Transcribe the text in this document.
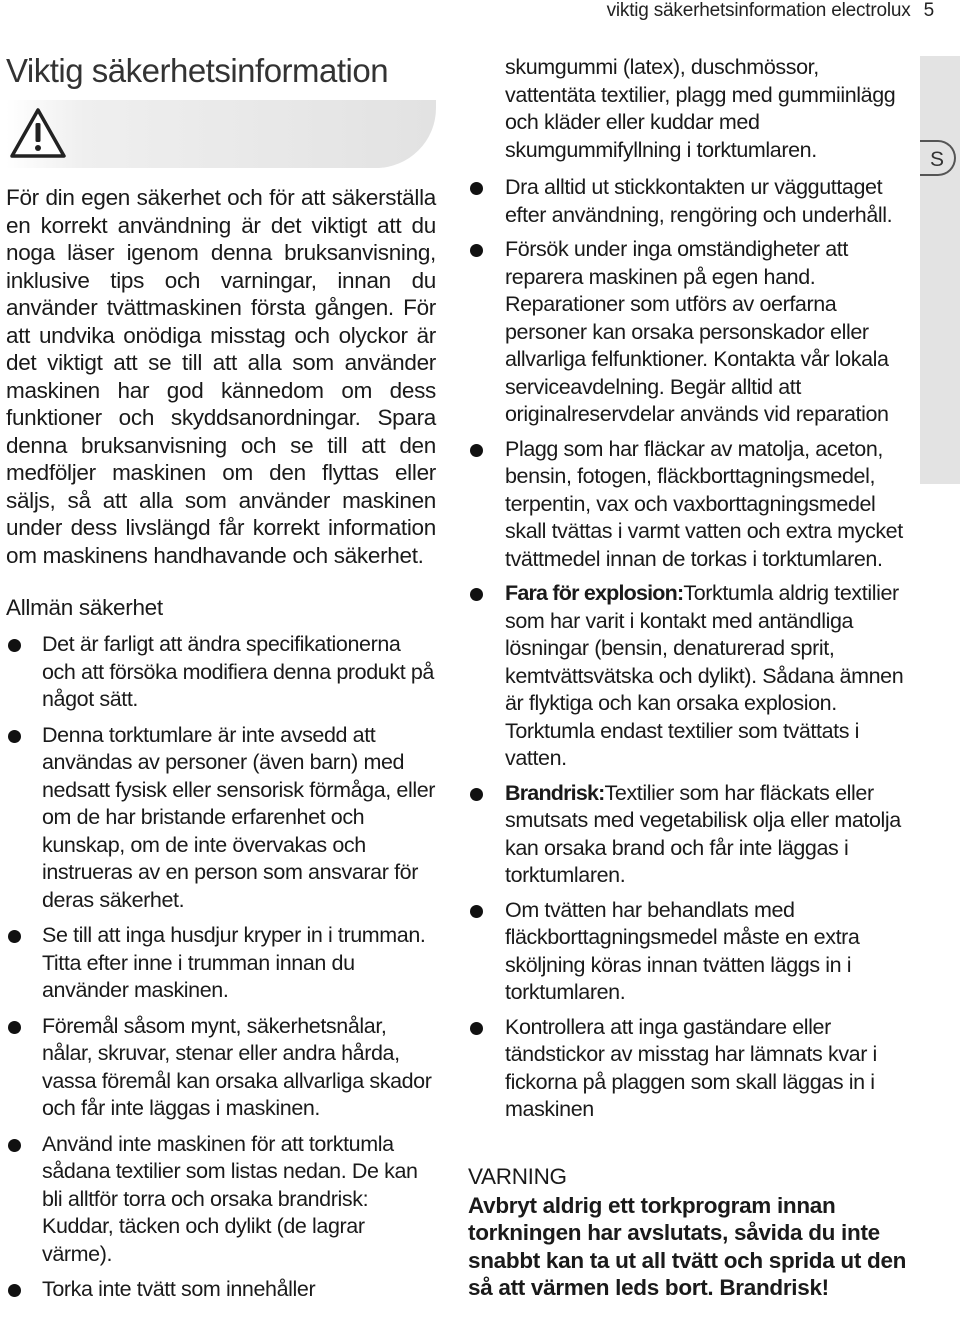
viktig säkerhetsinformation electrolux 5
S
Viktig säkerhetsinformation

För din egen säkerhet och för att säkerställa en korrekt användning är det viktigt att du noga läser igenom denna bruksanvisning, inklusive tips och varningar, innan du använder tvättmaskinen första gången. För att undvika onödiga misstag och olyckor är det viktigt att se till att alla som använder maskinen har god kännedom om dess funktioner och skyddsanordningar. Spara denna bruksanvisning och se till att den medföljer maskinen om den flyttas eller säljs, så att alla som använder maskinen under dess livslängd får korrekt information om maskinens handhavande och säkerhet.

Allmän säkerhet
Det är farligt att ändra specifikationerna och att försöka modifiera denna produkt på något sätt.
Denna torktumlare är inte avsedd att användas av personer (även barn) med nedsatt fysisk eller sensorisk förmåga, eller om de har bristande erfarenhet och kunskap, om de inte övervakas och instrueras av en person som ansvarar för deras säkerhet.
Se till att inga husdjur kryper in i trumman. Titta efter inne i trumman innan du använder maskinen.
Föremål såsom mynt, säkerhetsnålar, nålar, skruvar, stenar eller andra hårda, vassa föremål kan orsaka allvarliga skador och får inte läggas i maskinen.
Använd inte maskinen för att torktumla sådana textilier som listas nedan. De kan bli alltför torra och orsaka brandrisk: Kuddar, täcken och dylikt (de lagrar värme).
Torka inte tvätt som innehåller
skumgummi (latex), duschmössor, vattentäta textilier, plagg med gummiinlägg och kläder eller kuddar med skumgummifyllning i torktumlaren.
Dra alltid ut stickkontakten ur vägguttaget efter användning, rengöring och underhåll.
Försök under inga omständigheter att reparera maskinen på egen hand. Reparationer som utförs av oerfarna personer kan orsaka personskador eller allvarliga felfunktioner. Kontakta vår lokala serviceavdelning. Begär alltid att originalreservdelar används vid reparation
Plagg som har fläckar av matolja, aceton, bensin, fotogen, fläckborttagningsmedel, terpentin, vax och vaxborttagningsmedel skall tvättas i varmt vatten och extra mycket tvättmedel innan de torkas i torktumlaren.
Fara för explosion:Torktumla aldrig textilier som har varit i kontakt med antändliga lösningar (bensin, denaturerad sprit, kemtvättsvätska och dylikt). Sådana ämnen är flyktiga och kan orsaka explosion. Torktumla endast textilier som tvättats i vatten.
Brandrisk:Textilier som har fläckats eller smutsats med vegetabilisk olja eller matolja kan orsaka brand och får inte läggas i torktumlaren.
Om tvätten har behandlats med fläckborttagningsmedel måste en extra sköljning köras innan tvätten läggs in i torktumlaren.
Kontrollera att inga gaständare eller tändstickor av misstag har lämnats kvar i fickorna på plaggen som skall läggas in i maskinen
VARNING

Avbryt aldrig ett torkprogram innan torkningen har avslutats, såvida du inte snabbt kan ta ut all tvätt och sprida ut den så att värmen leds bort. Brandrisk!
